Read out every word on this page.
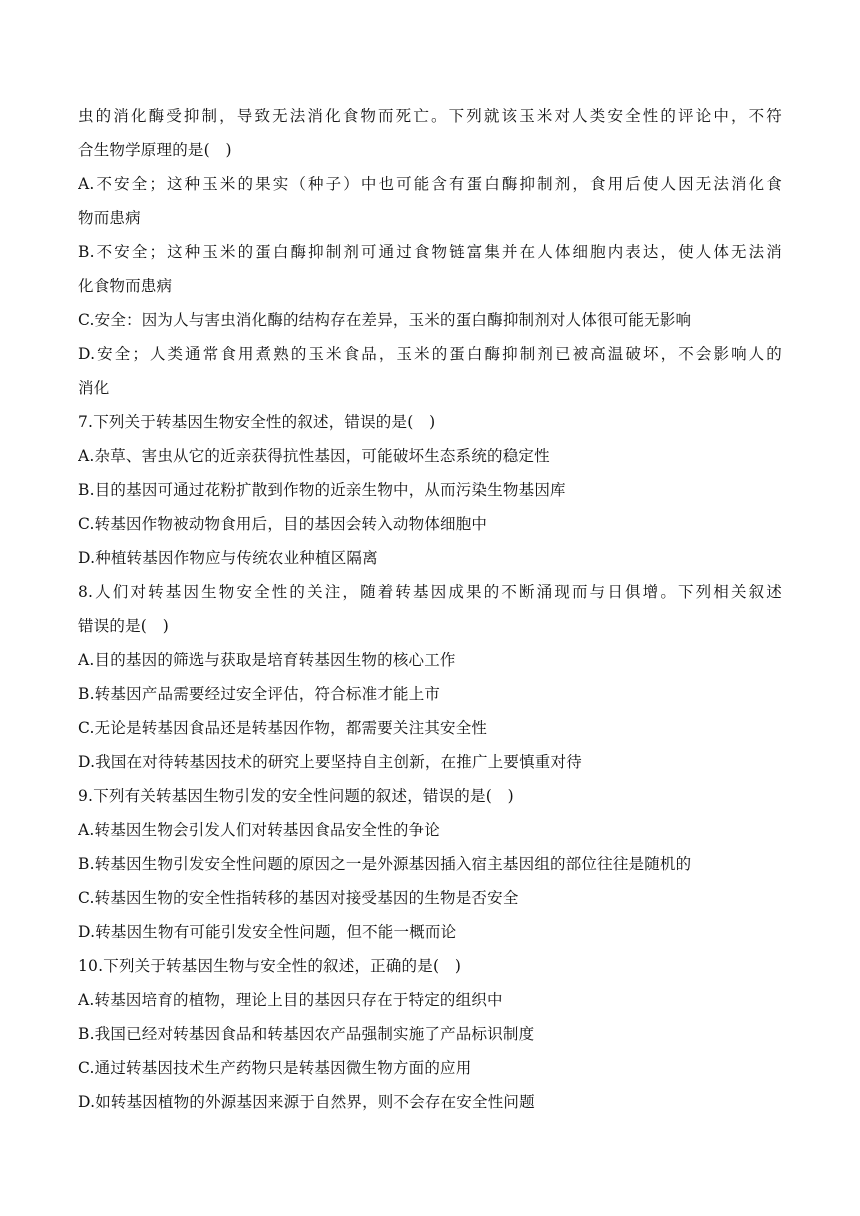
虫的消化酶受抑制，导致无法消化食物而死亡。下列就该玉米对人类安全性的评论中，不符
合生物学原理的是(　)
A.不安全；这种玉米的果实（种子）中也可能含有蛋白酶抑制剂，食用后使人因无法消化食
物而患病
B.不安全；这种玉米的蛋白酶抑制剂可通过食物链富集并在人体细胞内表达，使人体无法消
化食物而患病
C.安全：因为人与害虫消化酶的结构存在差异，玉米的蛋白酶抑制剂对人体很可能无影响
D.安全；人类通常食用煮熟的玉米食品，玉米的蛋白酶抑制剂已被高温破坏，不会影响人的
消化
7.下列关于转基因生物安全性的叙述，错误的是(　)
A.杂草、害虫从它的近亲获得抗性基因，可能破坏生态系统的稳定性
B.目的基因可通过花粉扩散到作物的近亲生物中，从而污染生物基因库
C.转基因作物被动物食用后，目的基因会转入动物体细胞中
D.种植转基因作物应与传统农业种植区隔离
8.人们对转基因生物安全性的关注，随着转基因成果的不断涌现而与日俱增。下列相关叙述
错误的是(　)
A.目的基因的筛选与获取是培育转基因生物的核心工作
B.转基因产品需要经过安全评估，符合标准才能上市
C.无论是转基因食品还是转基因作物，都需要关注其安全性
D.我国在对待转基因技术的研究上要坚持自主创新，在推广上要慎重对待
9.下列有关转基因生物引发的安全性问题的叙述，错误的是(　)
A.转基因生物会引发人们对转基因食品安全性的争论
B.转基因生物引发安全性问题的原因之一是外源基因插入宿主基因组的部位往往是随机的
C.转基因生物的安全性指转移的基因对接受基因的生物是否安全
D.转基因生物有可能引发安全性问题，但不能一概而论
10.下列关于转基因生物与安全性的叙述，正确的是(　)
A.转基因培育的植物，理论上目的基因只存在于特定的组织中
B.我国已经对转基因食品和转基因农产品强制实施了产品标识制度
C.通过转基因技术生产药物只是转基因微生物方面的应用
D.如转基因植物的外源基因来源于自然界，则不会存在安全性问题
